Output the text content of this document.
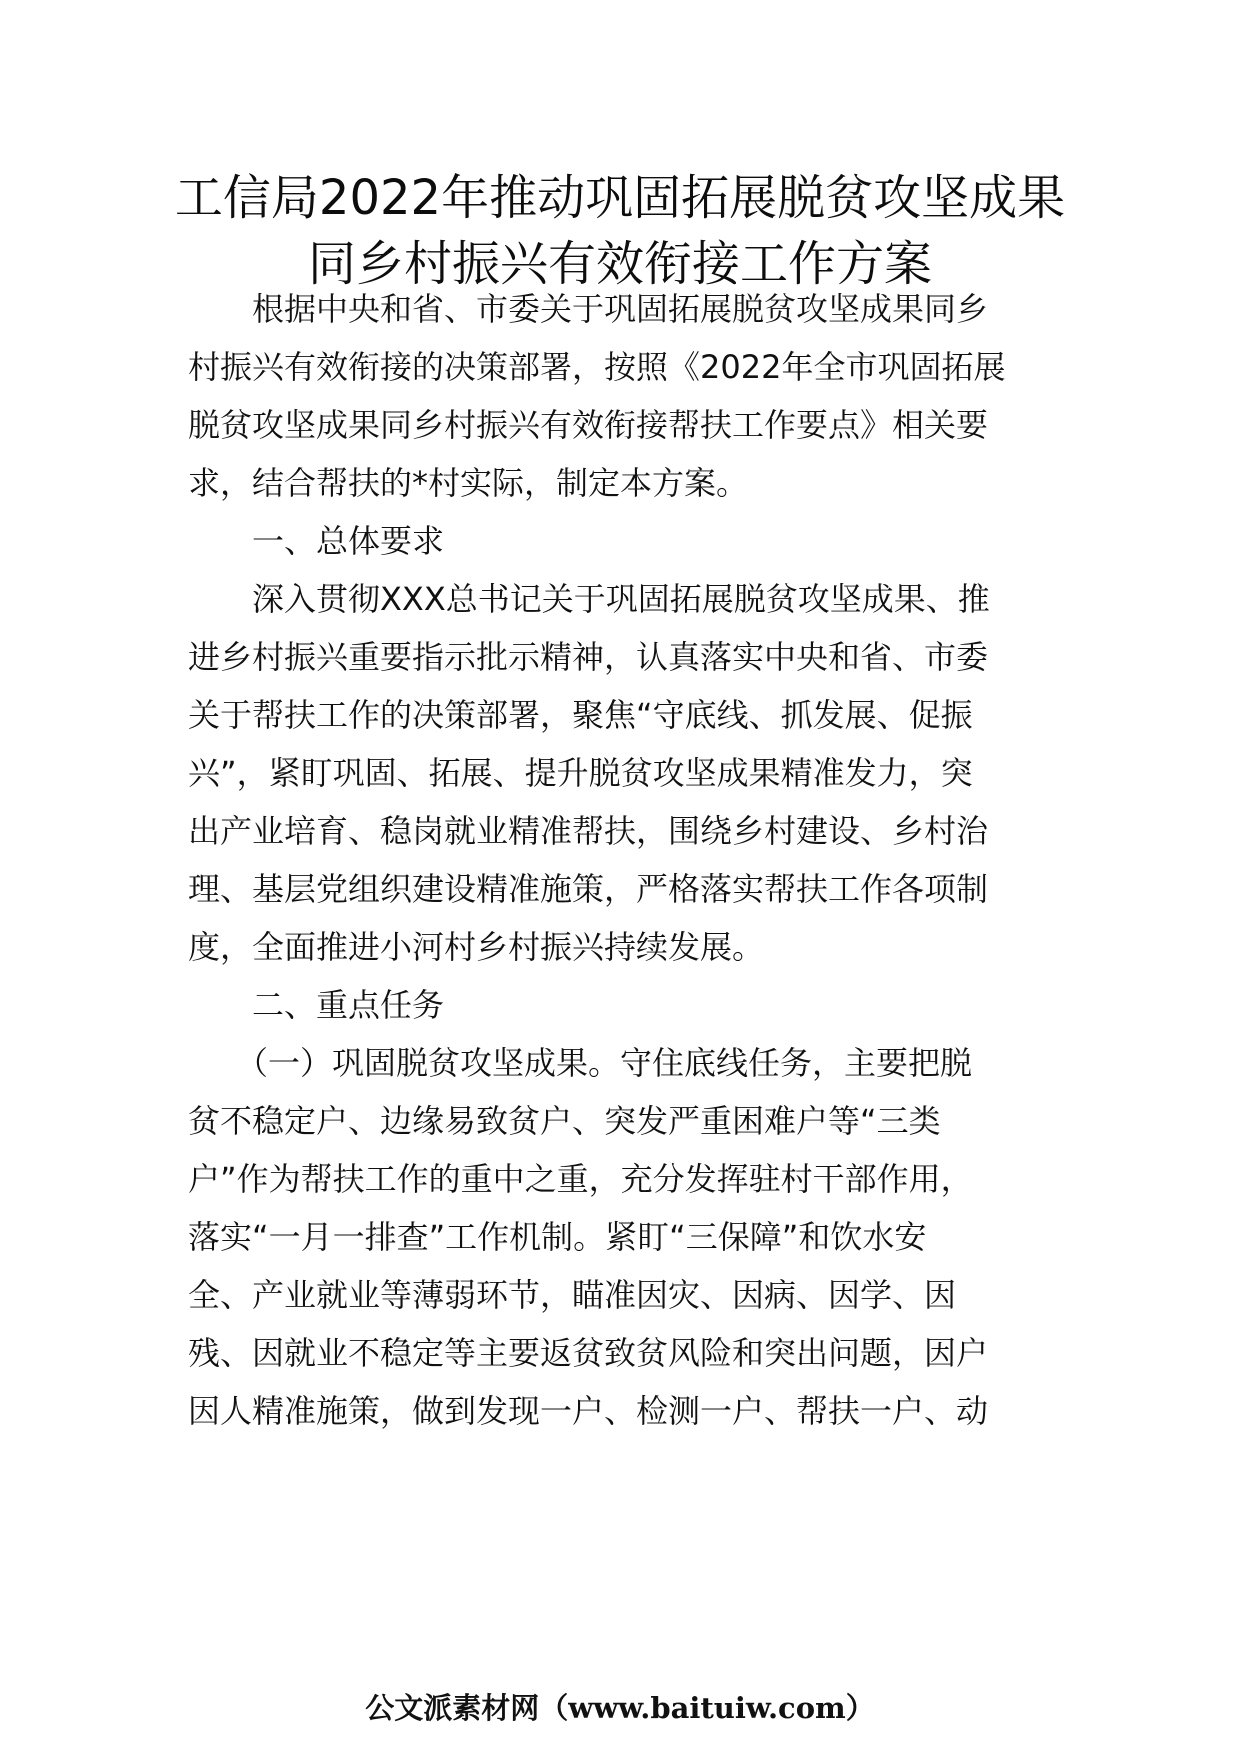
工信局2022年推动巩固拓展脱贫攻坚成果
同乡村振兴有效衔接工作方案
　　根据中央和省、市委关于巩固拓展脱贫攻坚成果同乡
村振兴有效衔接的决策部署，按照《2022年全市巩固拓展
脱贫攻坚成果同乡村振兴有效衔接帮扶工作要点》相关要
求，结合帮扶的*村实际，制定本方案。
　　一、总体要求
　　深入贯彻XXX总书记关于巩固拓展脱贫攻坚成果、推
进乡村振兴重要指示批示精神，认真落实中央和省、市委
关于帮扶工作的决策部署，聚焦“守底线、抓发展、促振
兴”，紧盯巩固、拓展、提升脱贫攻坚成果精准发力，突
出产业培育、稳岗就业精准帮扶，围绕乡村建设、乡村治
理、基层党组织建设精准施策，严格落实帮扶工作各项制
度，全面推进小河村乡村振兴持续发展。
　　二、重点任务
　　（一）巩固脱贫攻坚成果。守住底线任务，主要把脱
贫不稳定户、边缘易致贫户、突发严重困难户等“三类
户”作为帮扶工作的重中之重，充分发挥驻村干部作用，
落实“一月一排查”工作机制。紧盯“三保障”和饮水安
全、产业就业等薄弱环节，瞄准因灾、因病、因学、因
残、因就业不稳定等主要返贫致贫风险和突出问题，因户
因人精准施策，做到发现一户、检测一户、帮扶一户、动
公文派素材网（www.baituiw.com）
